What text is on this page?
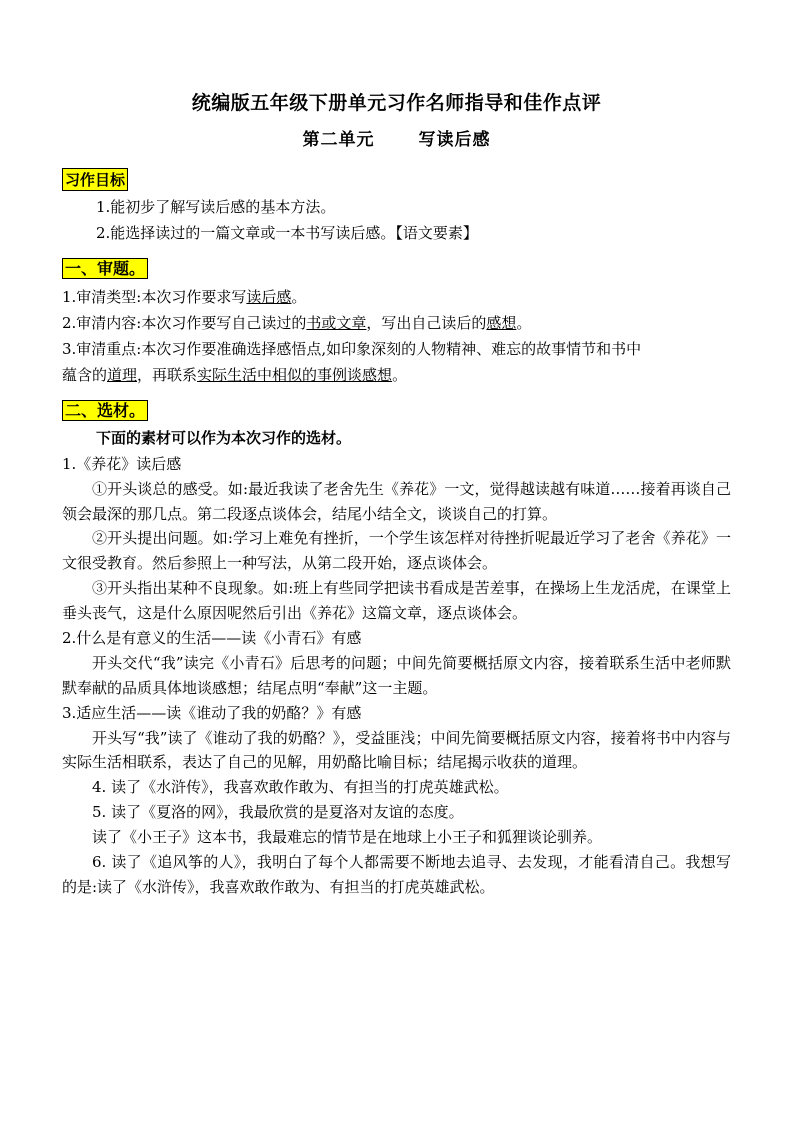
统编版五年级下册单元习作名师指导和佳作点评
第二单元	写读后感
习作目标
1.能初步了解写读后感的基本方法。
2.能选择读过的一篇文章或一本书写读后感。【语文要素】
一、审题。
1.审清类型:本次习作要求写读后感。
2.审清内容:本次习作要写自己读过的书或文章，写出自己读后的感想。
3.审清重点:本次习作要准确选择感悟点,如印象深刻的人物精神、难忘的故事情节和书中
蕴含的道理，再联系实际生活中相似的事例谈感想。
二、选材。
下面的素材可以作为本次习作的选材。
1.《养花》读后感
①开头谈总的感受。如:最近我读了老舍先生《养花》一文，觉得越读越有味道……接着再谈自己领会最深的那几点。第二段逐点谈体会，结尾小结全文，谈谈自己的打算。
②开头提出问题。如:学习上难免有挫折，一个学生该怎样对待挫折呢最近学习了老舍《养花》一文很受教育。然后参照上一种写法，从第二段开始，逐点谈体会。
③开头指出某种不良现象。如:班上有些同学把读书看成是苦差事，在操场上生龙活虎，在课堂上垂头丧气，这是什么原因呢然后引出《养花》这篇文章，逐点谈体会。
2.什么是有意义的生活——读《小青石》有感
开头交代“我”读完《小青石》后思考的问题；中间先简要概括原文内容，接着联系生活中老师默默奉献的品质具体地谈感想；结尾点明“奉献”这一主题。
3.适应生活——读《谁动了我的奶酪？》有感
开头写“我”读了《谁动了我的奶酪？》，受益匪浅；中间先简要概括原文内容，接着将书中内容与实际生活相联系，表达了自己的见解，用奶酪比喻目标；结尾揭示收获的道理。
4. 读了《水浒传》，我喜欢敢作敢为、有担当的打虎英雄武松。
5. 读了《夏洛的网》，我最欣赏的是夏洛对友谊的态度。
读了《小王子》这本书，我最难忘的情节是在地球上小王子和狐狸谈论驯养。
6. 读了《追风筝的人》，我明白了每个人都需要不断地去追寻、去发现，才能看清自己。我想写的是:读了《水浒传》，我喜欢敢作敢为、有担当的打虎英雄武松。
